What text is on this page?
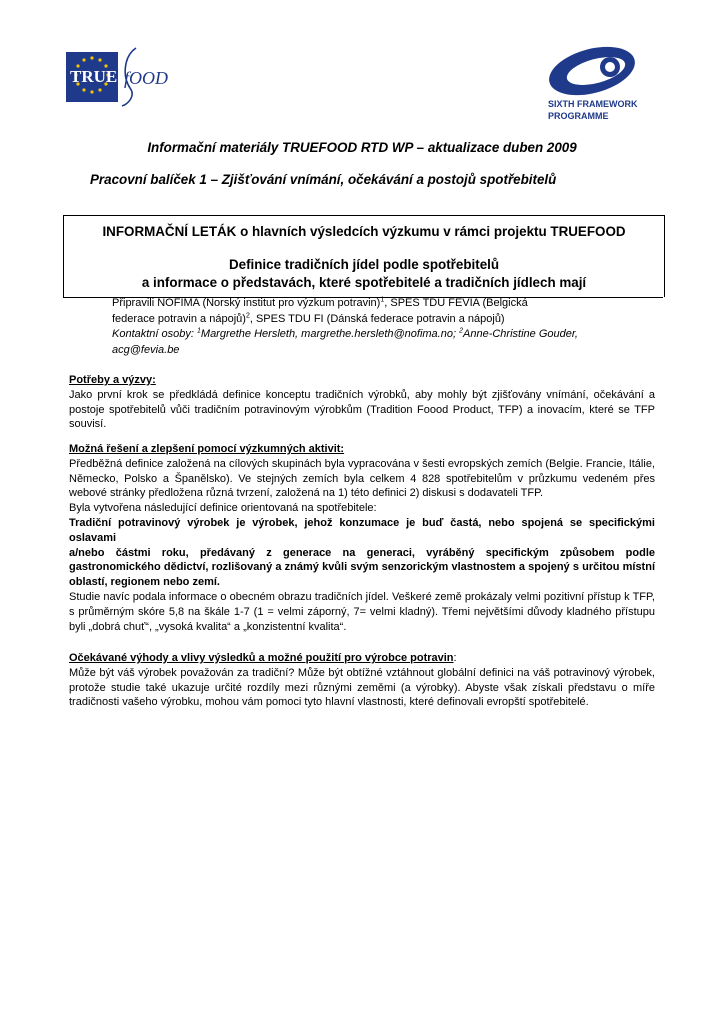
TRUE fOOD
SIXTH FRAMEWORK
PROGRAMME
Informační materiály TRUEFOOD RTD WP – aktualizace duben 2009
Pracovní balíček 1 – Zjišťování vnímání, očekávání a postojů spotřebitelů
INFORMAČNÍ LETÁK o hlavních výsledcích výzkumu v rámci projektu TRUEFOOD
Definice tradičních jídel podle spotřebitelů
a informace o představách, které spotřebitelé a tradičních jídlech mají
Připravili NOFIMA (Norský institut pro výzkum potravin)$^1$, SPES TDU FEVIA (Belgická
federace potravin a nápojů)$^2$, SPES TDU FI (Dánská federace potravin a nápojů)
Kontaktní osoby: $^1$Margrethe Hersleth, margrethe.hersleth@nofima.no; $^2$Anne-Christine Gouder,
acg@fevia.be

Potřeby a výzvy:

Jako první krok se předkládá definice konceptu tradičních výrobků, aby mohly být zjišťovány vnímání, očekávání a postoje spotřebitelů vůči tradičním potravinovým výrobkům (Tradition Foood Product, TFP) a inovacím, které se TFP souvisí.

Možná řešení a zlepšení pomocí výzkumných aktivit:

Předběžná definice založená na cílových skupinách byla vypracována v šesti evropských zemích (Belgie. Francie, Itálie, Německo, Polsko a Španělsko). Ve stejných zemích byla celkem 4 828 spotřebitelům v průzkumu vedeném přes webové stránky předložena různá tvrzení, založená na 1) této definici 2) diskusi s dodavateli TFP.

Byla vytvořena následující definice orientovaná na spotřebitele:

Tradiční potravinový výrobek je výrobek, jehož konzumace je buď častá, nebo spojená se specifickými oslavami

a/nebo částmi roku, předávaný z generace na generaci, vyráběný specifickým způsobem podle gastronomického dědictví, rozlišovaný a známý kvůli svým senzorickým vlastnostem a spojený s určitou místní oblastí, regionem nebo zemí.

Studie navíc podala informace o obecném obrazu tradičních jídel. Veškeré země prokázaly velmi pozitivní přístup k TFP, s průměrným skóre 5,8 na škále 1-7 (1 = velmi záporný, 7= velmi kladný). Třemi největšími důvody kladného přístupu byli „dobrá chuť“, „vysoká kvalita“ a „konzistentní kvalita“.

Očekávané výhody a vlivy výsledků a možné použití pro výrobce potravin:

Může být váš výrobek považován za tradiční? Může být obtížné vztáhnout globální definici na váš potravinový výrobek, protože studie také ukazuje určité rozdíly mezi různými zeměmi (a výrobky). Abyste však získali představu o míře tradičnosti vašeho výrobku, mohou vám pomoci tyto hlavní vlastnosti, které definovali evropští spotřebitelé.
